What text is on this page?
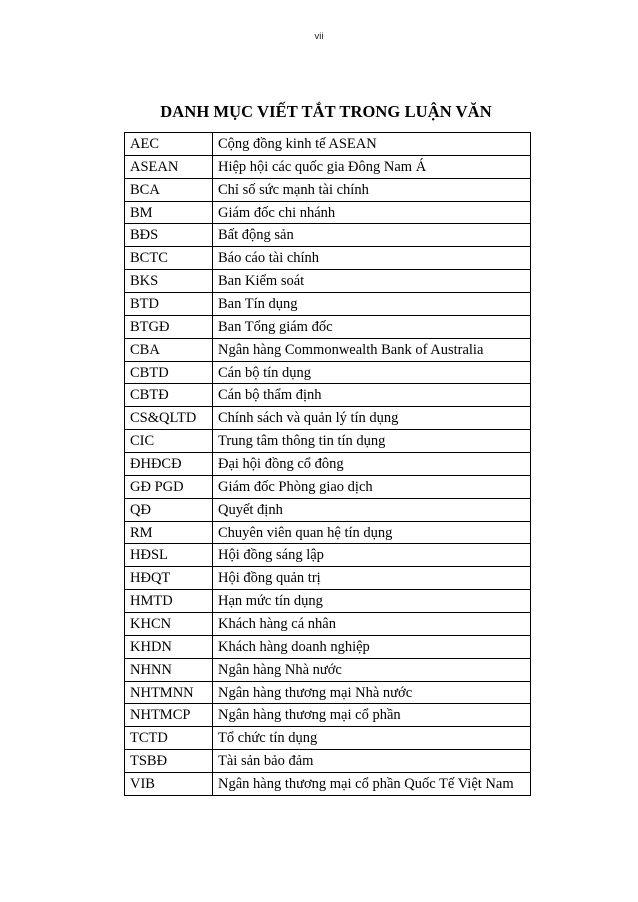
vii
DANH MỤC VIẾT TẮT TRONG LUẬN VĂN
AEC	Cộng đồng kinh tế ASEAN
ASEAN	Hiệp hội các quốc gia Đông Nam Á
BCA	Chỉ số sức mạnh tài chính
BM	Giám đốc chi nhánh
BĐS	Bất động sản
BCTC	Báo cáo tài chính
BKS	Ban Kiểm soát
BTD	Ban Tín dụng
BTGĐ	Ban Tổng giám đốc
CBA	Ngân hàng Commonwealth Bank of Australia
CBTD	Cán bộ tín dụng
CBTĐ	Cán bộ thẩm định
CS&QLTD	Chính sách và quản lý tín dụng
CIC	Trung tâm thông tin tín dụng
ĐHĐCĐ	Đại hội đồng cổ đông
GĐ PGD	Giám đốc Phòng giao dịch
QĐ	Quyết định
RM	Chuyên viên quan hệ tín dụng
HĐSL	Hội đồng sáng lập
HĐQT	Hội đồng quản trị
HMTD	Hạn mức tín dụng
KHCN	Khách hàng cá nhân
KHDN	Khách hàng doanh nghiệp
NHNN	Ngân hàng Nhà nước
NHTMNN	Ngân hàng thương mại Nhà nước
NHTMCP	Ngân hàng thương mại cổ phần
TCTD	Tổ chức tín dụng
TSBĐ	Tài sản bảo đảm
VIB	Ngân hàng thương mại cổ phần Quốc Tế Việt Nam
